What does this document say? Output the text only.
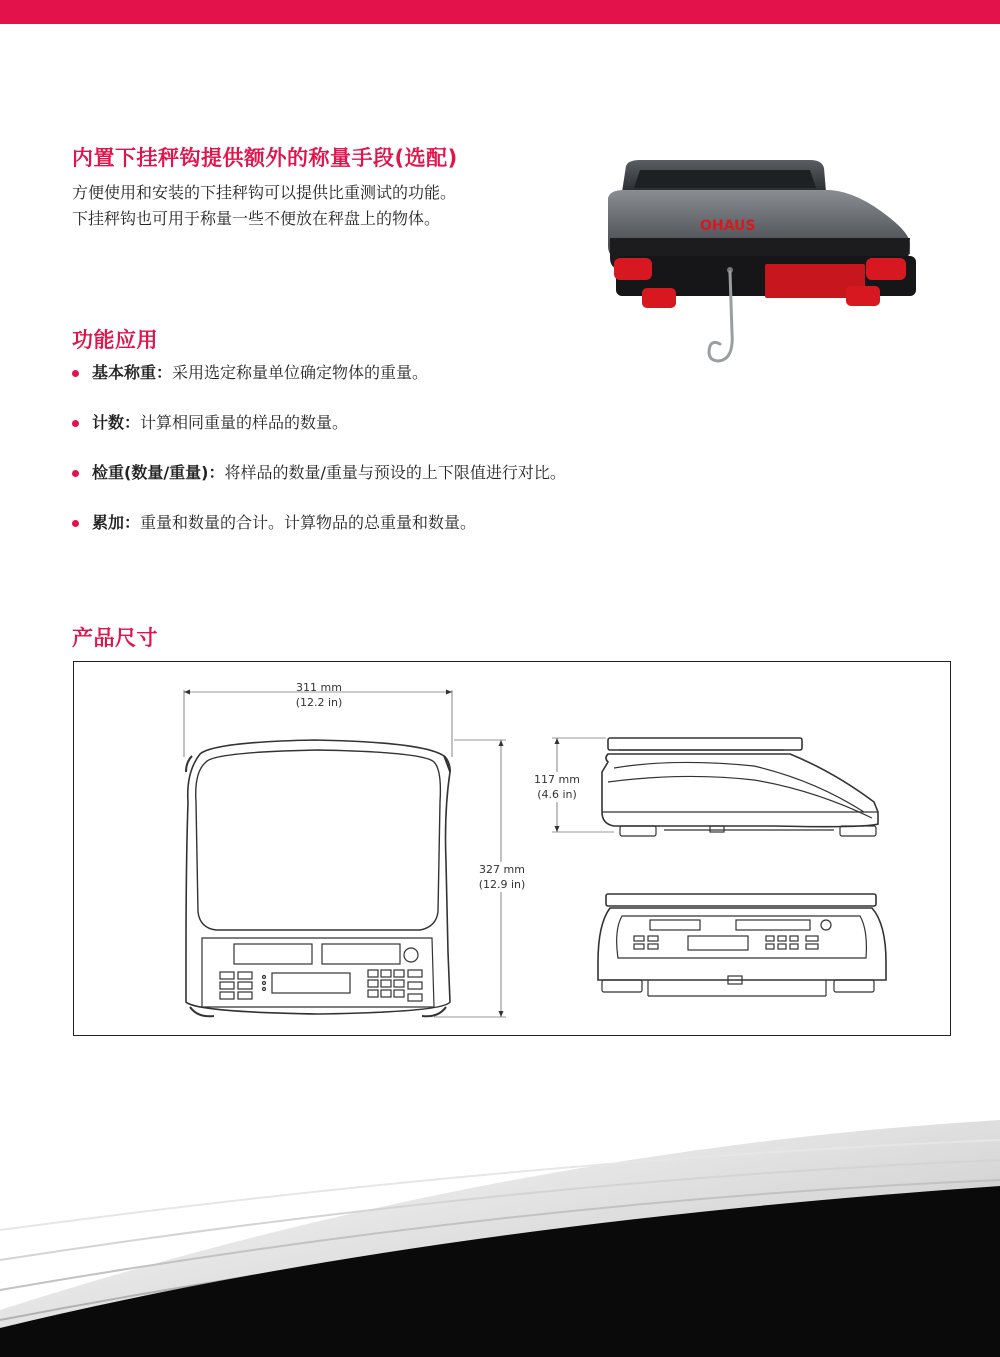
内置下挂秤钩提供额外的称量手段(选配)

方便使用和安装的下挂秤钩可以提供比重测试的功能。

下挂秤钩也可用于称量一些不便放在秤盘上的物体。	OHAUS
功能应用
基本称重：采用选定称量单位确定物体的重量。
计数：计算相同重量的样品的数量。
检重(数量/重量)：将样品的数量/重量与预设的上下限值进行对比。
累加：重量和数量的合计。计算物品的总重量和数量。
产品尺寸
311 mm
(12.2 in)
327 mm
(12.9 in)
117 mm
(4.6 in)
